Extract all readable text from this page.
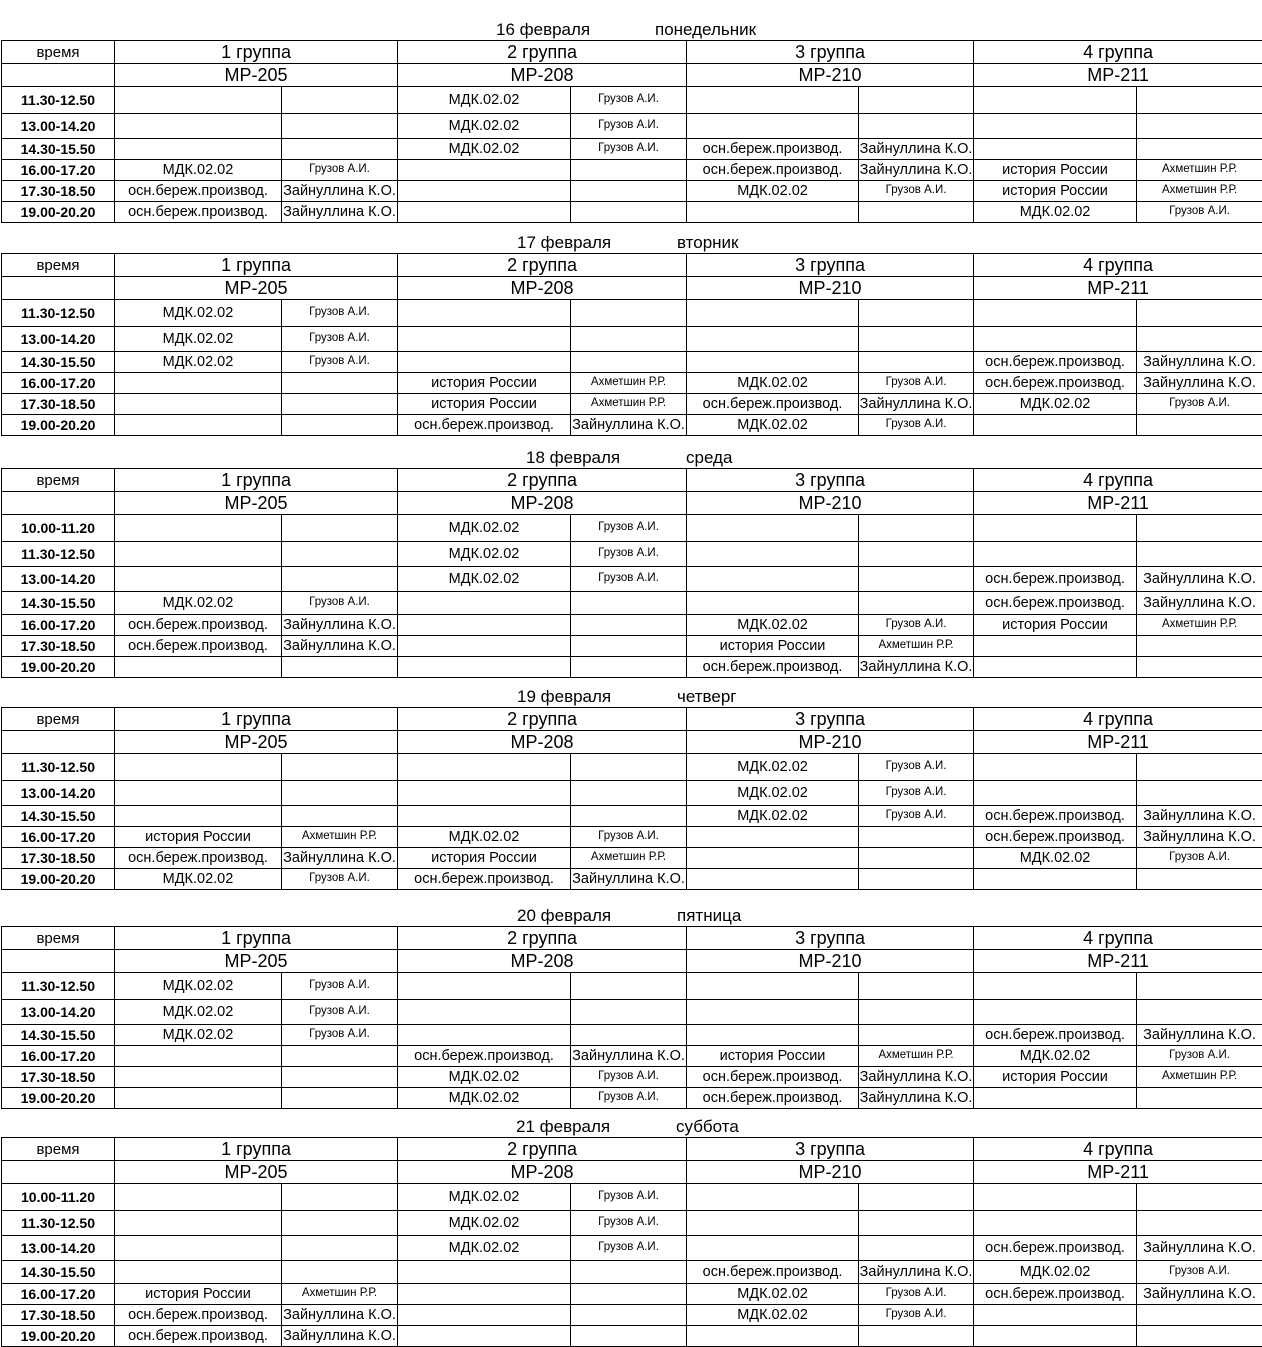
16 февраля	понедельник
время	1 группа		2 группа		3 группа		4 группа	
	МР-205		МР-208		МР-210		МР-211	
11.30-12.50			МДК.02.02	Грузов А.И.				
13.00-14.20			МДК.02.02	Грузов А.И.				
14.30-15.50			МДК.02.02	Грузов А.И.	осн.береж.производ.	Зайнуллина К.О.		
16.00-17.20	МДК.02.02	Грузов А.И.			осн.береж.производ.	Зайнуллина К.О.	история России	Ахметшин Р.Р.
17.30-18.50	осн.береж.производ.	Зайнуллина К.О.			МДК.02.02	Грузов А.И.	история России	Ахметшин Р.Р.
19.00-20.20	осн.береж.производ.	Зайнуллина К.О.					МДК.02.02	Грузов А.И.
17 февраля	вторник
время	1 группа		2 группа		3 группа		4 группа	
	МР-205		МР-208		МР-210		МР-211	
11.30-12.50	МДК.02.02	Грузов А.И.						
13.00-14.20	МДК.02.02	Грузов А.И.						
14.30-15.50	МДК.02.02	Грузов А.И.					осн.береж.производ.	Зайнуллина К.О.
16.00-17.20			история России	Ахметшин Р.Р.	МДК.02.02	Грузов А.И.	осн.береж.производ.	Зайнуллина К.О.
17.30-18.50			история России	Ахметшин Р.Р.	осн.береж.производ.	Зайнуллина К.О.	МДК.02.02	Грузов А.И.
19.00-20.20			осн.береж.производ.	Зайнуллина К.О.	МДК.02.02	Грузов А.И.		
18 февраля	среда
время	1 группа		2 группа		3 группа		4 группа	
	МР-205		МР-208		МР-210		МР-211	
10.00-11.20			МДК.02.02	Грузов А.И.				
11.30-12.50			МДК.02.02	Грузов А.И.				
13.00-14.20			МДК.02.02	Грузов А.И.			осн.береж.производ.	Зайнуллина К.О.
14.30-15.50	МДК.02.02	Грузов А.И.					осн.береж.производ.	Зайнуллина К.О.
16.00-17.20	осн.береж.производ.	Зайнуллина К.О.			МДК.02.02	Грузов А.И.	история России	Ахметшин Р.Р.
17.30-18.50	осн.береж.производ.	Зайнуллина К.О.			история России	Ахметшин Р.Р.		
19.00-20.20					осн.береж.производ.	Зайнуллина К.О.		
19 февраля	четверг
время	1 группа		2 группа		3 группа		4 группа	
	МР-205		МР-208		МР-210		МР-211	
11.30-12.50					МДК.02.02	Грузов А.И.		
13.00-14.20					МДК.02.02	Грузов А.И.		
14.30-15.50					МДК.02.02	Грузов А.И.	осн.береж.производ.	Зайнуллина К.О.
16.00-17.20	история России	Ахметшин Р.Р.	МДК.02.02	Грузов А.И.			осн.береж.производ.	Зайнуллина К.О.
17.30-18.50	осн.береж.производ.	Зайнуллина К.О.	история России	Ахметшин Р.Р.			МДК.02.02	Грузов А.И.
19.00-20.20	МДК.02.02	Грузов А.И.	осн.береж.производ.	Зайнуллина К.О.				
20 февраля	пятница
время	1 группа		2 группа		3 группа		4 группа	
	МР-205		МР-208		МР-210		МР-211	
11.30-12.50	МДК.02.02	Грузов А.И.						
13.00-14.20	МДК.02.02	Грузов А.И.						
14.30-15.50	МДК.02.02	Грузов А.И.					осн.береж.производ.	Зайнуллина К.О.
16.00-17.20			осн.береж.производ.	Зайнуллина К.О.	история России	Ахметшин Р.Р.	МДК.02.02	Грузов А.И.
17.30-18.50			МДК.02.02	Грузов А.И.	осн.береж.производ.	Зайнуллина К.О.	история России	Ахметшин Р.Р.
19.00-20.20			МДК.02.02	Грузов А.И.	осн.береж.производ.	Зайнуллина К.О.		
21 февраля	суббота
время	1 группа		2 группа		3 группа		4 группа	
	МР-205		МР-208		МР-210		МР-211	
10.00-11.20			МДК.02.02	Грузов А.И.				
11.30-12.50			МДК.02.02	Грузов А.И.				
13.00-14.20			МДК.02.02	Грузов А.И.			осн.береж.производ.	Зайнуллина К.О.
14.30-15.50					осн.береж.производ.	Зайнуллина К.О.	МДК.02.02	Грузов А.И.
16.00-17.20	история России	Ахметшин Р.Р.			МДК.02.02	Грузов А.И.	осн.береж.производ.	Зайнуллина К.О.
17.30-18.50	осн.береж.производ.	Зайнуллина К.О.			МДК.02.02	Грузов А.И.		
19.00-20.20	осн.береж.производ.	Зайнуллина К.О.						
